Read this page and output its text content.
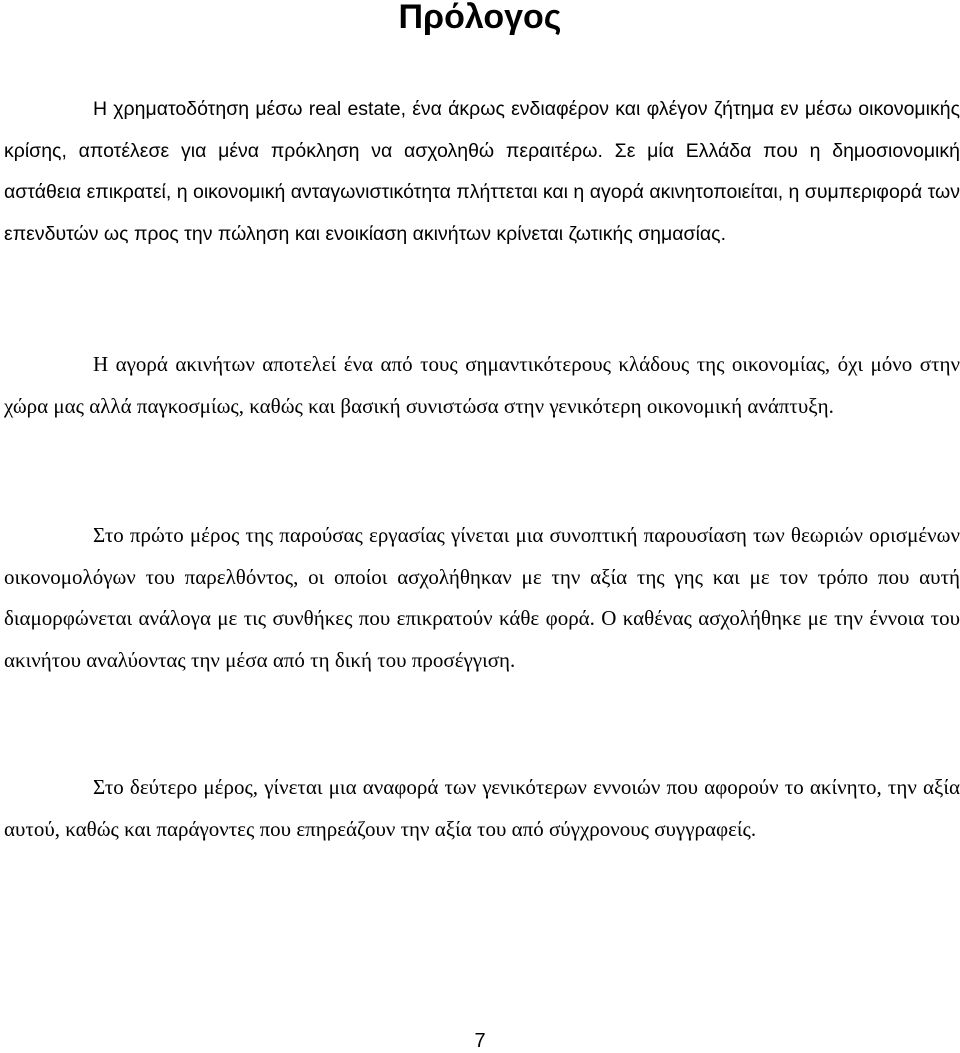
Πρόλογος

Η χρηματοδότηση μέσω real estate, ένα άκρως ενδιαφέρον και φλέγον ζήτημα εν μέσω οικονομικής κρίσης, αποτέλεσε για μένα πρόκληση να ασχοληθώ περαιτέρω. Σε μία Ελλάδα που η δημοσιονομική αστάθεια επικρατεί, η οικονομική ανταγωνιστικότητα πλήττεται και η αγορά ακινητοποιείται, η συμπεριφορά των επενδυτών ως προς την πώληση και ενοικίαση ακινήτων κρίνεται ζωτικής σημασίας.

Η αγορά ακινήτων αποτελεί ένα από τους σημαντικότερους κλάδους της οικονομίας, όχι μόνο στην χώρα μας αλλά παγκοσμίως, καθώς και βασική συνιστώσα στην γενικότερη οικονομική ανάπτυξη.

Στο πρώτο μέρος της παρούσας εργασίας γίνεται μια συνοπτική παρουσίαση των θεωριών ορισμένων οικονομολόγων του παρελθόντος, οι οποίοι ασχολήθηκαν με την αξία της γης και με τον τρόπο που αυτή διαμορφώνεται ανάλογα με τις συνθήκες που επικρατούν κάθε φορά. Ο καθένας ασχολήθηκε με την έννοια του ακινήτου αναλύοντας την μέσα από τη δική του προσέγγιση.

Στο δεύτερο μέρος, γίνεται μια αναφορά των γενικότερων εννοιών που αφορούν το ακίνητο, την αξία αυτού, καθώς και παράγοντες που επηρεάζουν την αξία του από σύγχρονους συγγραφείς.

7
